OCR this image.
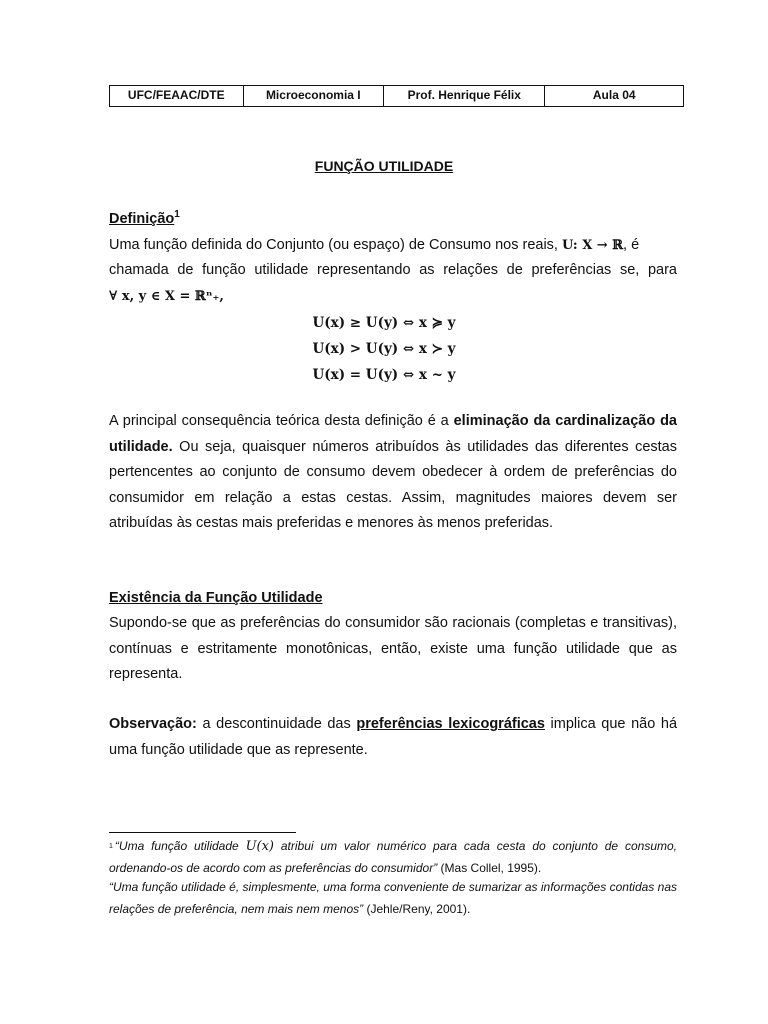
UFC/FEAAC/DTE	Microeconomia I	Prof. Henrique Félix	Aula 04
FUNÇÃO UTILIDADE
Definição$^1$
Uma função definida do Conjunto (ou espaço) de Consumo nos reais, U: X → ℝ, é
chamada de função utilidade representando as relações de preferências se, para
∀ x, y ∈ X = ℝⁿ₊,
U(x) ≥ U(y) ⇔ x ≽ y
U(x) > U(y) ⇔ x ≻ y
U(x) = U(y) ⇔ x ~ y
A principal consequência teórica desta definição é a eliminação da cardinalização da utilidade. Ou seja, quaisquer números atribuídos às utilidades das diferentes cestas pertencentes ao conjunto de consumo devem obedecer à ordem de preferências do consumidor em relação a estas cestas. Assim, magnitudes maiores devem ser atribuídas às cestas mais preferidas e menores às menos preferidas.
Existência da Função Utilidade
Supondo-se que as preferências do consumidor são racionais (completas e transitivas), contínuas e estritamente monotônicas, então, existe uma função utilidade que as representa.
Observação: a descontinuidade das preferências lexicográficas implica que não há uma função utilidade que as represente.
$^1$ “Uma função utilidade U(x) atribui um valor numérico para cada cesta do conjunto de consumo, ordenando-os de acordo com as preferências do consumidor” (Mas Collel, 1995).
“Uma função utilidade é, simplesmente, uma forma conveniente de sumarizar as informações contidas nas relações de preferência, nem mais nem menos” (Jehle/Reny, 2001).
